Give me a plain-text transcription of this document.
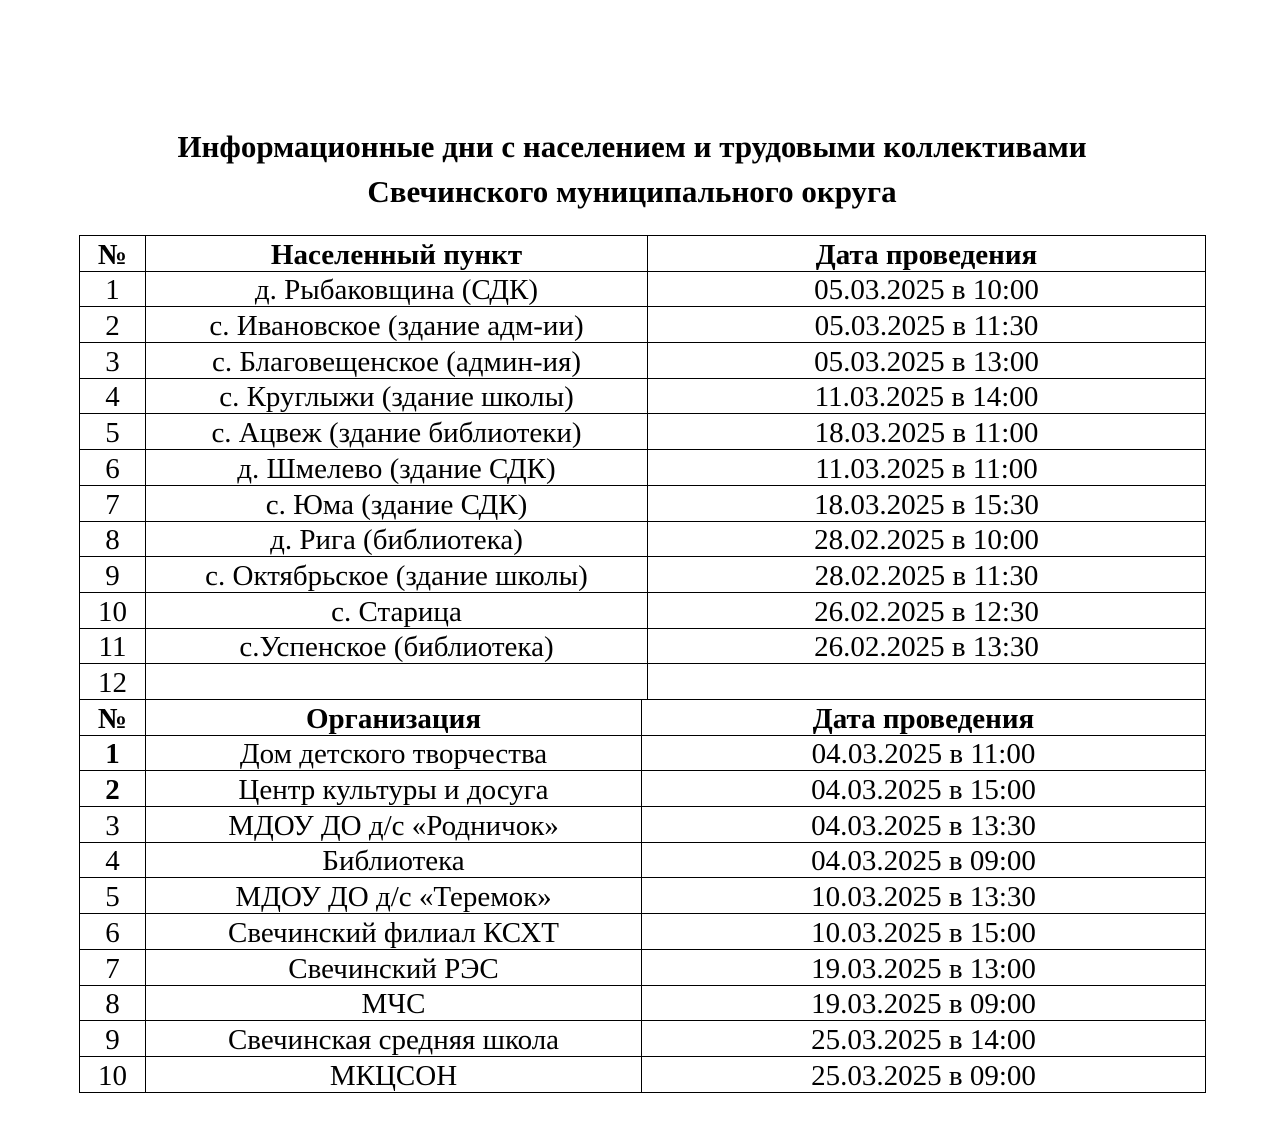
Информационные дни с населением и трудовыми коллективами
Свечинского муниципального округа
№	Населенный пункт	Дата проведения
1	д. Рыбаковщина (СДК)	05.03.2025 в 10:00
2	с. Ивановское (здание адм-ии)	05.03.2025 в 11:30
3	с. Благовещенское (админ-ия)	05.03.2025 в 13:00
4	с. Круглыжи (здание школы)	11.03.2025 в 14:00
5	с. Ацвеж (здание библиотеки)	18.03.2025 в 11:00
6	д. Шмелево (здание СДК)	11.03.2025 в 11:00
7	с. Юма (здание СДК)	18.03.2025 в 15:30
8	д. Рига (библиотека)	28.02.2025 в 10:00
9	с. Октябрьское (здание школы)	28.02.2025 в 11:30
10	с. Старица	26.02.2025 в 12:30
11	с.Успенское (библиотека)	26.02.2025 в 13:30
12		
№	Организация	Дата проведения
1	Дом детского творчества	04.03.2025 в 11:00
2	Центр культуры и досуга	04.03.2025 в 15:00
3	МДОУ ДО д/с «Родничок»	04.03.2025 в 13:30
4	Библиотека	04.03.2025 в 09:00
5	МДОУ ДО д/с «Теремок»	10.03.2025 в 13:30
6	Свечинский филиал КСХТ	10.03.2025 в 15:00
7	Свечинский РЭС	19.03.2025 в 13:00
8	МЧС	19.03.2025 в 09:00
9	Свечинская средняя школа	25.03.2025 в 14:00
10	МКЦСОН	25.03.2025 в 09:00
